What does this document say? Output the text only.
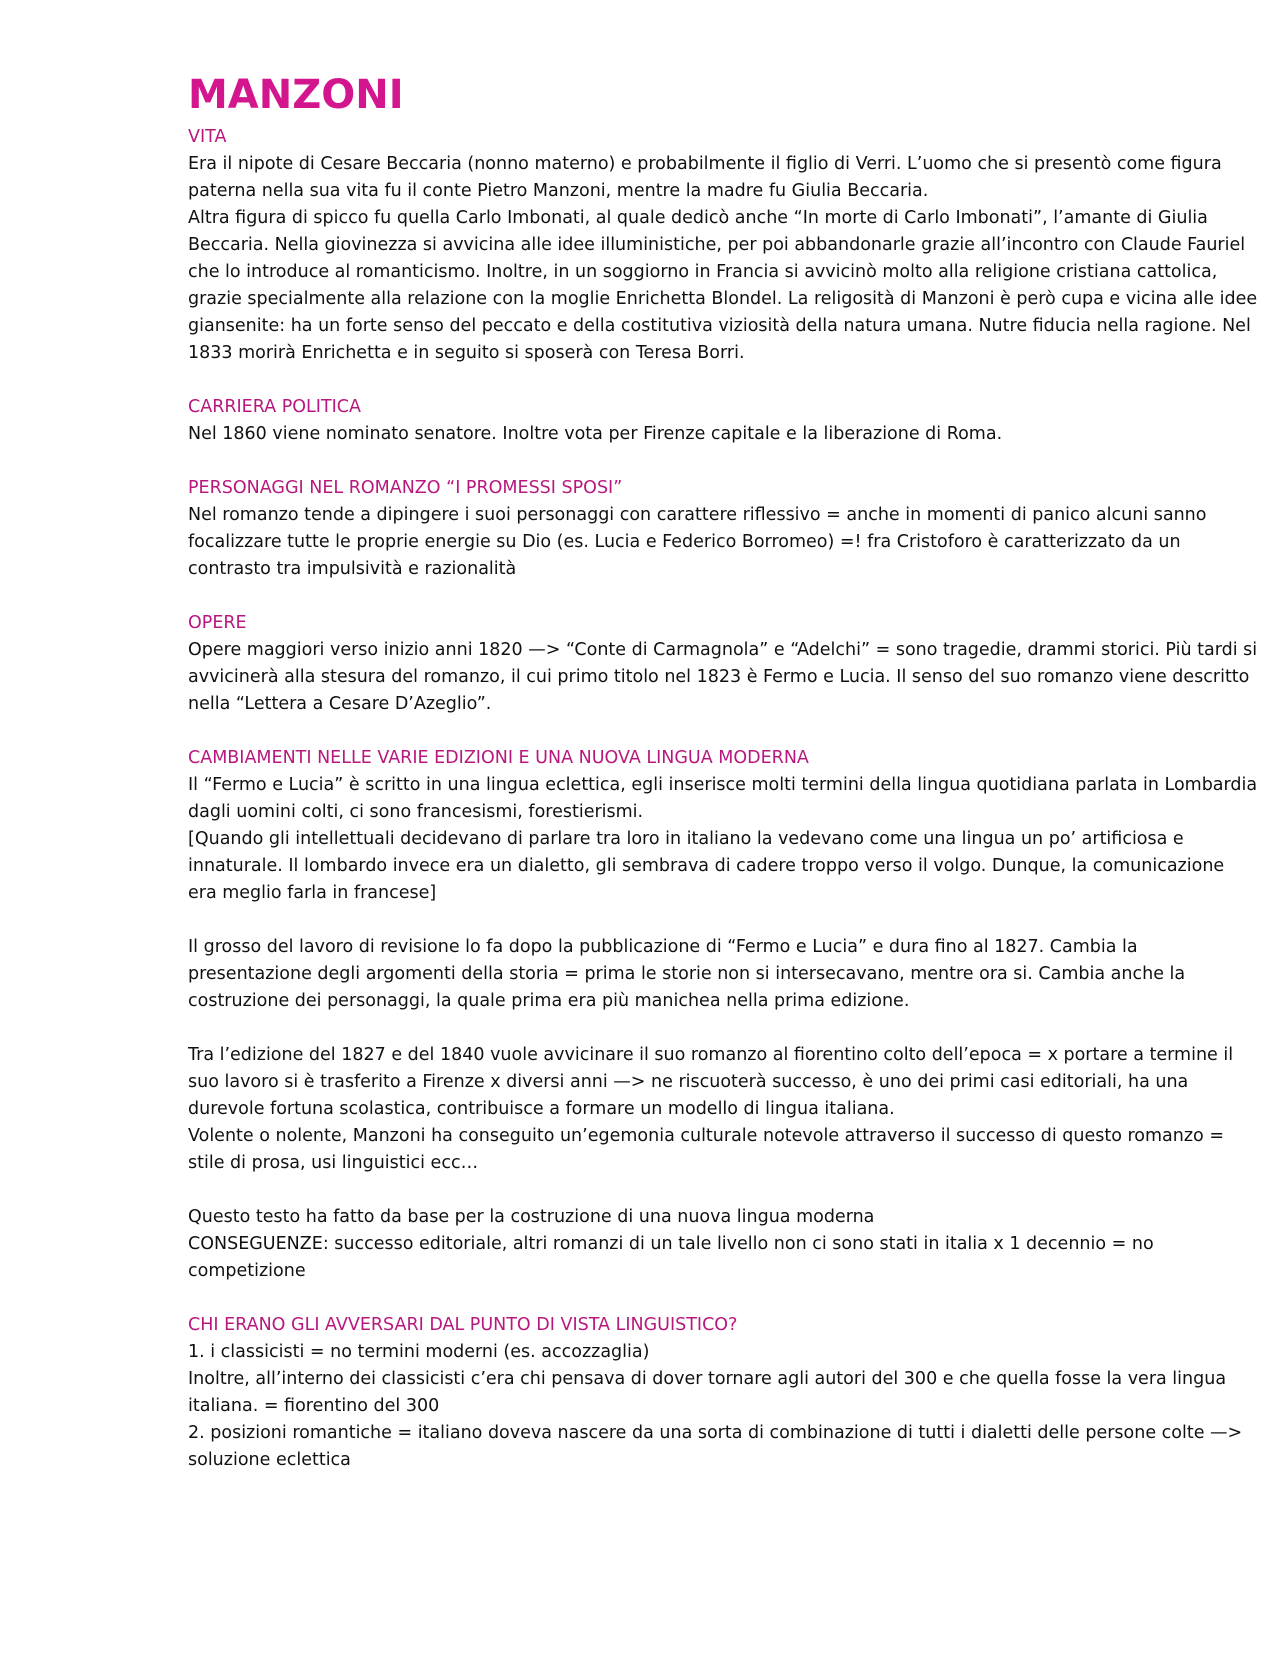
MANZONI
VITA

Era il nipote di Cesare Beccaria (nonno materno) e probabilmente il figlio di Verri. L’uomo che si presentò come figura paterna nella sua vita fu il conte Pietro Manzoni, mentre la madre fu Giulia Beccaria.

Altra figura di spicco fu quella Carlo Imbonati, al quale dedicò anche “In morte di Carlo Imbonati”, l’amante di Giulia Beccaria. Nella giovinezza si avvicina alle idee illuministiche, per poi abbandonarle grazie all’incontro con Claude Fauriel che lo introduce al romanticismo. Inoltre, in un soggiorno in Francia si avvicinò molto alla religione cristiana cattolica, grazie specialmente alla relazione con la moglie Enrichetta Blondel. La religosità di Manzoni è però cupa e vicina alle idee giansenite: ha un forte senso del peccato e della costitutiva viziosità della natura umana. Nutre fiducia nella ragione. Nel 1833 morirà Enrichetta e in seguito si sposerà con Teresa Borri.

CARRIERA POLITICA

Nel 1860 viene nominato senatore. Inoltre vota per Firenze capitale e la liberazione di Roma.

PERSONAGGI NEL ROMANZO “I PROMESSI SPOSI”

Nel romanzo tende a dipingere i suoi personaggi con carattere riflessivo = anche in momenti di panico alcuni sanno focalizzare tutte le proprie energie su Dio (es. Lucia e Federico Borromeo) =! fra Cristoforo è caratterizzato da un contrasto tra impulsività e razionalità

OPERE

Opere maggiori verso inizio anni 1820 —> “Conte di Carmagnola” e “Adelchi” = sono tragedie, drammi storici. Più tardi si avvicinerà alla stesura del romanzo, il cui primo titolo nel 1823 è Fermo e Lucia. Il senso del suo romanzo viene descritto nella “Lettera a Cesare D’Azeglio”.

CAMBIAMENTI NELLE VARIE EDIZIONI E UNA NUOVA LINGUA MODERNA

Il “Fermo e Lucia” è scritto in una lingua eclettica, egli inserisce molti termini della lingua quotidiana parlata in Lombardia dagli uomini colti, ci sono francesismi, forestierismi.

[Quando gli intellettuali decidevano di parlare tra loro in italiano la vedevano come una lingua un po’ artificiosa e innaturale. Il lombardo invece era un dialetto, gli sembrava di cadere troppo verso il volgo. Dunque, la comunicazione era meglio farla in francese]

Il grosso del lavoro di revisione lo fa dopo la pubblicazione di “Fermo e Lucia” e dura fino al 1827. Cambia la presentazione degli argomenti della storia = prima le storie non si intersecavano, mentre ora si. Cambia anche la costruzione dei personaggi, la quale prima era più manichea nella prima edizione.

Tra l’edizione del 1827 e del 1840 vuole avvicinare il suo romanzo al fiorentino colto dell’epoca = x portare a termine il suo lavoro si è trasferito a Firenze x diversi anni —> ne riscuoterà successo, è uno dei primi casi editoriali, ha una durevole fortuna scolastica, contribuisce a formare un modello di lingua italiana.

Volente o nolente, Manzoni ha conseguito un’egemonia culturale notevole attraverso il successo di questo romanzo = stile di prosa, usi linguistici ecc…

Questo testo ha fatto da base per la costruzione di una nuova lingua moderna

CONSEGUENZE: successo editoriale, altri romanzi di un tale livello non ci sono stati in italia x 1 decennio = no competizione

CHI ERANO GLI AVVERSARI DAL PUNTO DI VISTA LINGUISTICO?

1. i classicisti = no termini moderni (es. accozzaglia)

Inoltre, all’interno dei classicisti c’era chi pensava di dover tornare agli autori del 300 e che quella fosse la vera lingua italiana. = fiorentino del 300

2. posizioni romantiche = italiano doveva nascere da una sorta di combinazione di tutti i dialetti delle persone colte —> soluzione eclettica
